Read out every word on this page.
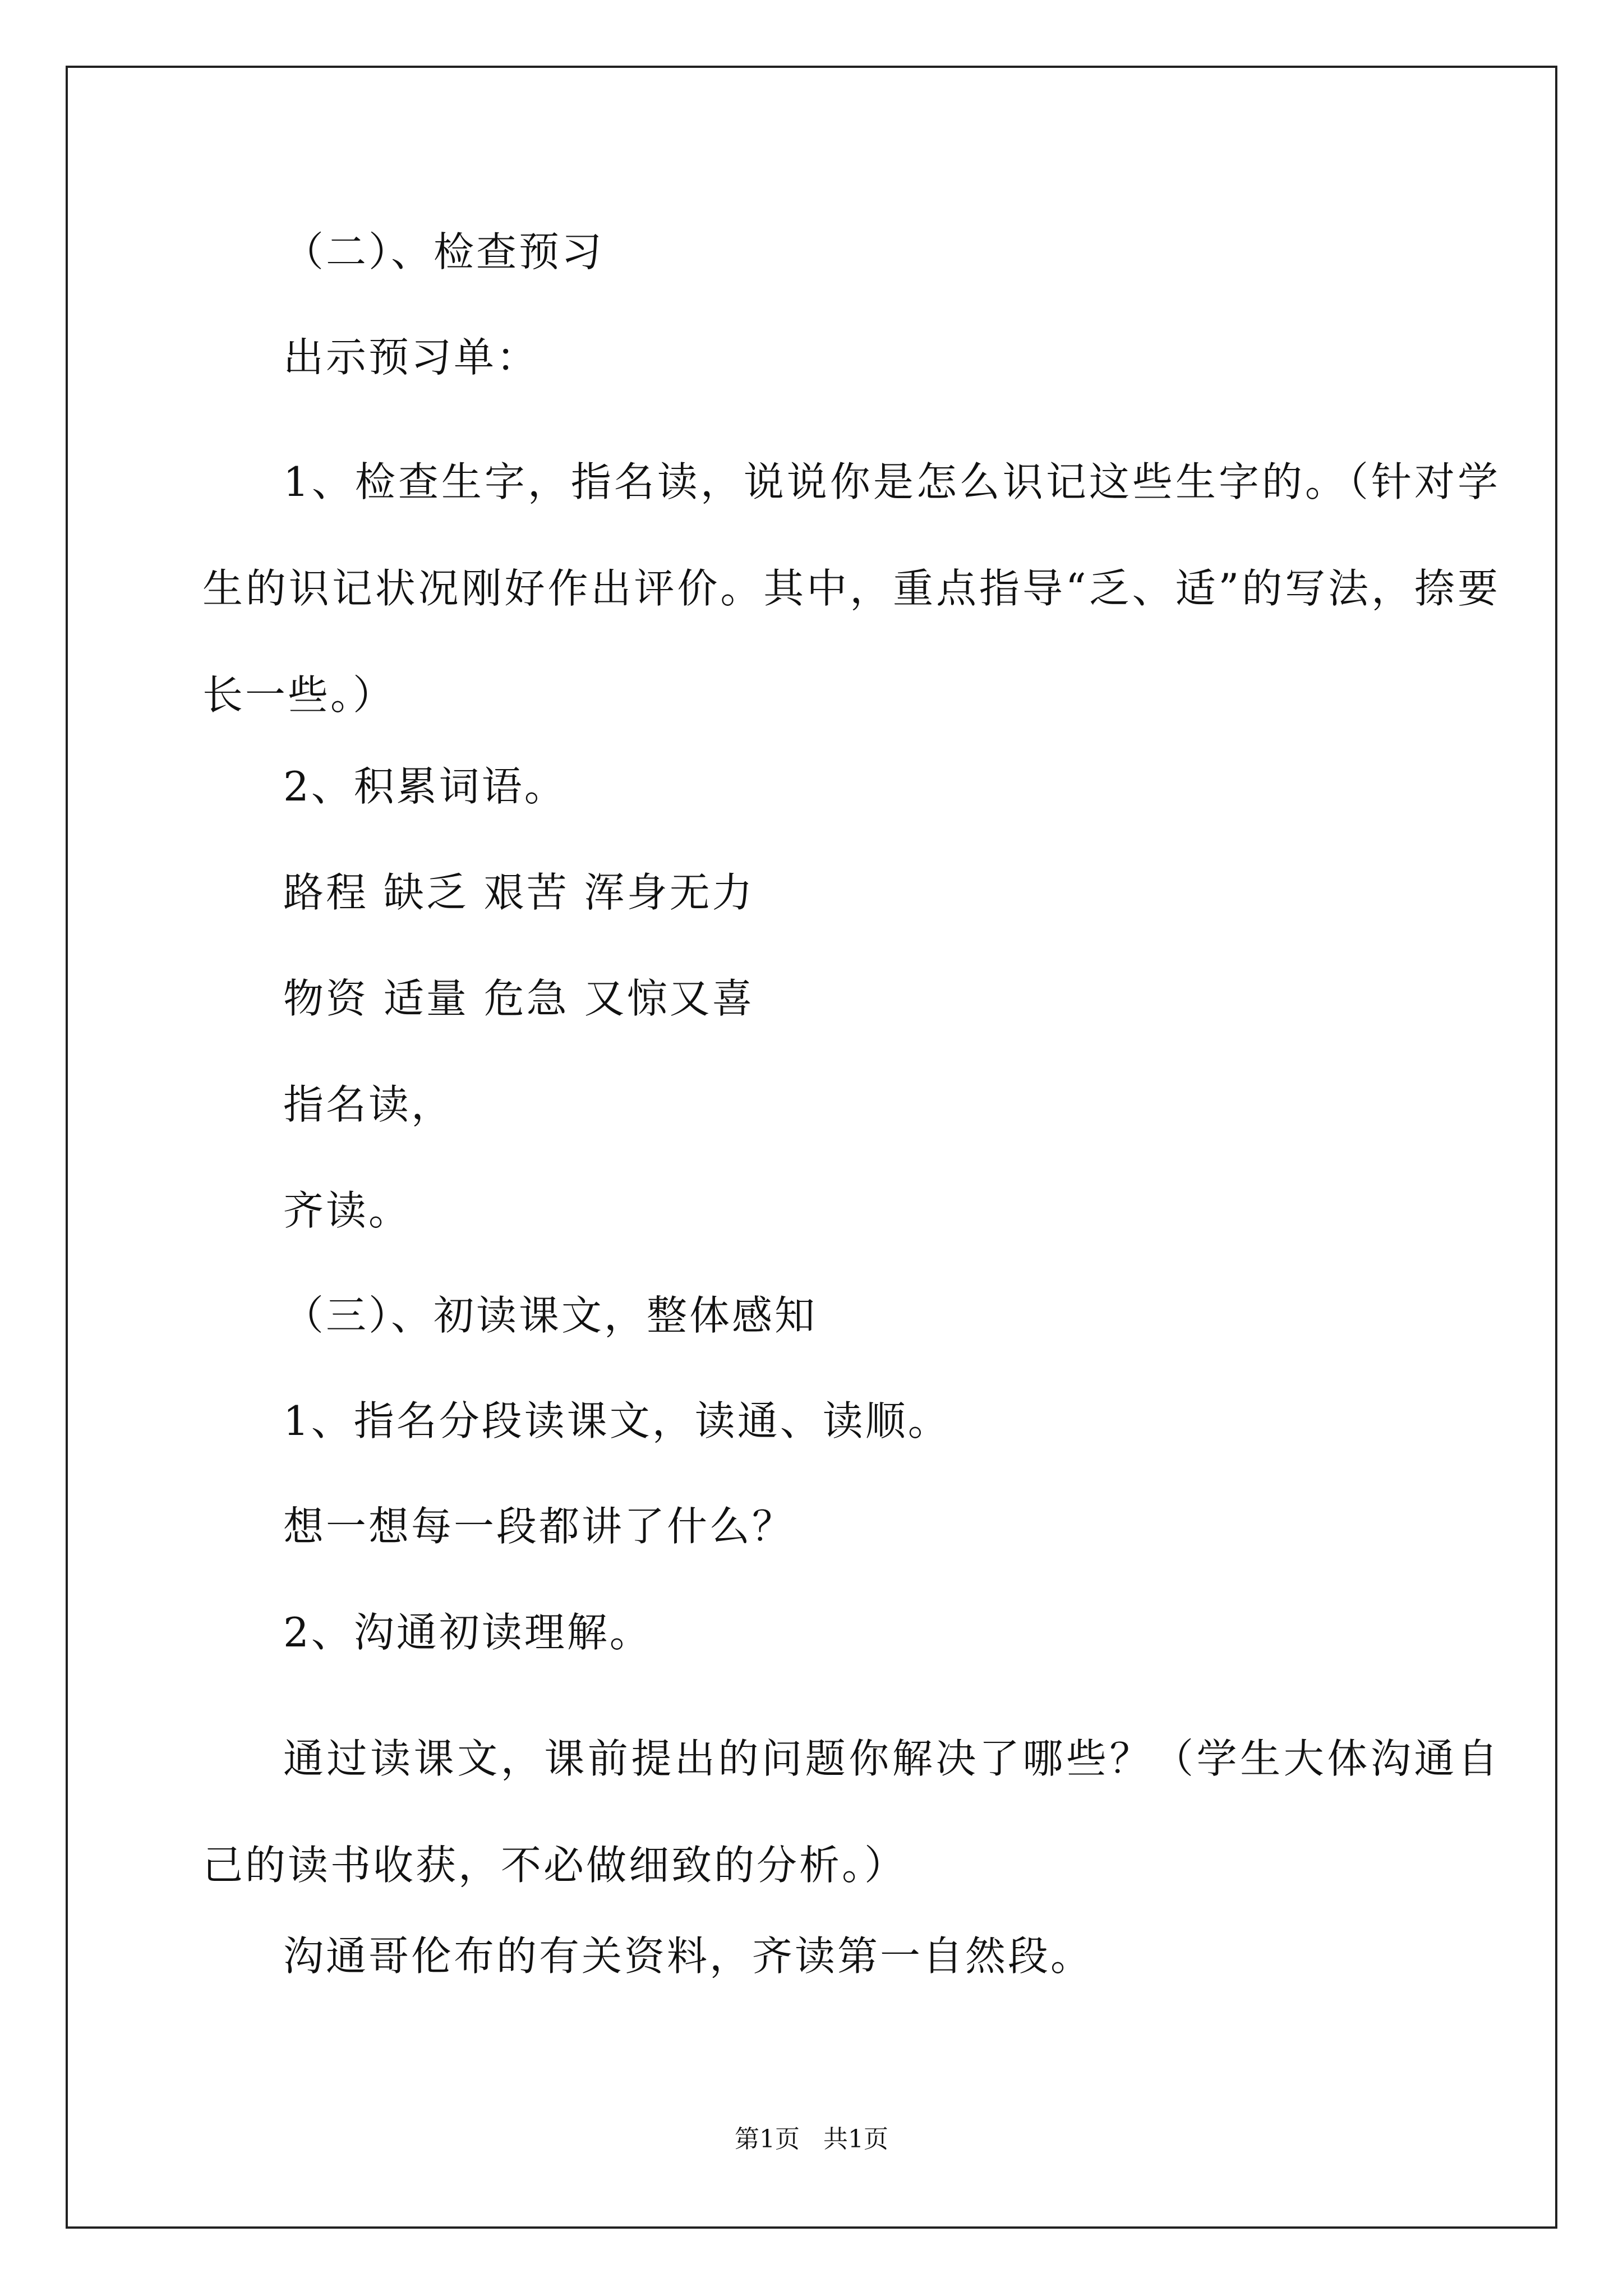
（二）、检查预习

出示预习单：

1、检查生字，指名读，说说你是怎么识记这些生字的。（针对学生的识记状况刚好作出评价。其中，重点指导“乏、适”的写法，捺要长一些。）

2、积累词语。

路程 缺乏 艰苦 浑身无力

物资 适量 危急 又惊又喜

指名读，

齐读。

（三）、初读课文，整体感知

1、指名分段读课文，读通、读顺。

想一想每一段都讲了什么？

2、沟通初读理解。

通过读课文，课前提出的问题你解决了哪些？（学生大体沟通自己的读书收获，不必做细致的分析。）

沟通哥伦布的有关资料，齐读第一自然段。

第1页   共1页
